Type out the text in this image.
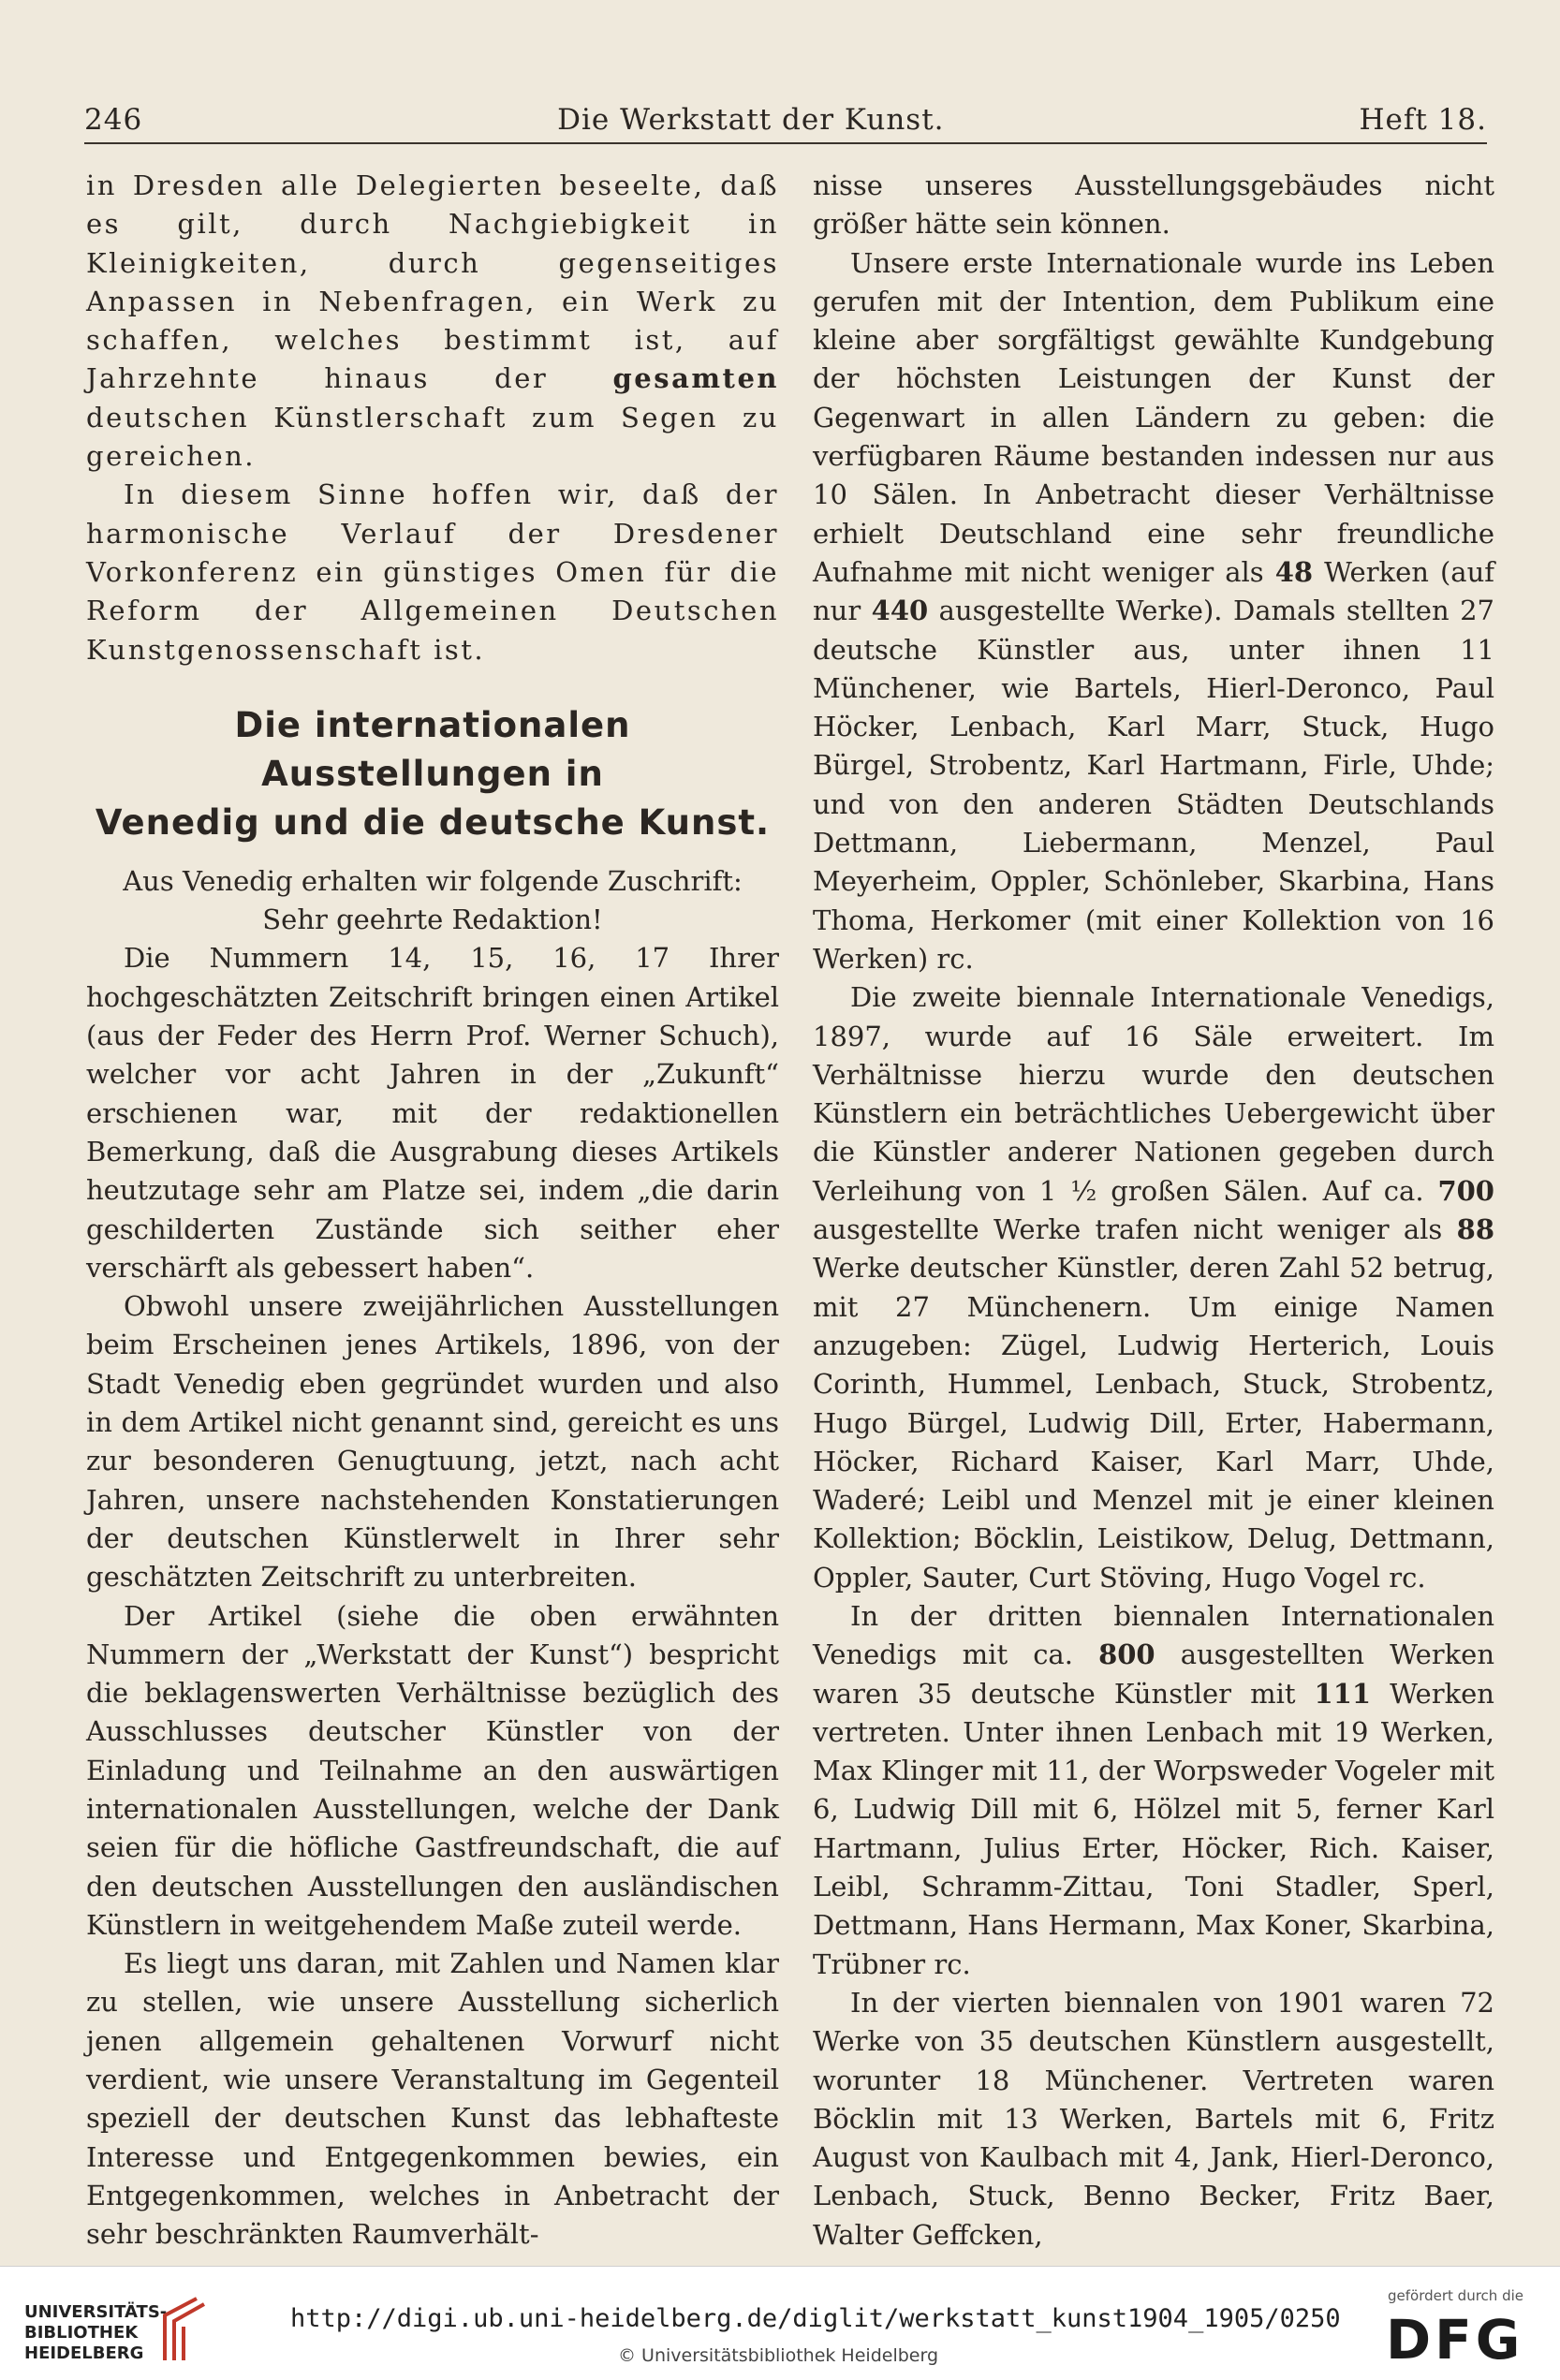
246	Die Werkstatt der Kunst.	Heft 18.

in Dresden alle Delegierten beseelte, daß es gilt, durch Nachgiebigkeit in Kleinigkeiten, durch gegenseitiges Anpassen in Nebenfragen, ein Werk zu schaffen, welches bestimmt ist, auf Jahrzehnte hinaus der gesamten deutschen Künstlerschaft zum Segen zu gereichen.

In diesem Sinne hoffen wir, daß der harmonische Verlauf der Dresdener Vorkonferenz ein günstiges Omen für die Reform der Allgemeinen Deutschen Kunstgenossenschaft ist.

Die internationalen Ausstellungen in
Venedig und die deutsche Kunst.

Aus Venedig erhalten wir folgende Zuschrift:

Sehr geehrte Redaktion!

Die Nummern 14, 15, 16, 17 Ihrer hochgeschätzten Zeitschrift bringen einen Artikel (aus der Feder des Herrn Prof. Werner Schuch), welcher vor acht Jahren in der „Zukunft“ erschienen war, mit der redaktionellen Bemerkung, daß die Ausgrabung dieses Artikels heutzutage sehr am Platze sei, indem „die darin geschilderten Zustände sich seither eher verschärft als gebessert haben“.

Obwohl unsere zweijährlichen Ausstellungen beim Erscheinen jenes Artikels, 1896, von der Stadt Venedig eben gegründet wurden und also in dem Artikel nicht genannt sind, gereicht es uns zur besonderen Genugtuung, jetzt, nach acht Jahren, unsere nachstehenden Konstatierungen der deutschen Künstlerwelt in Ihrer sehr geschätzten Zeitschrift zu unterbreiten.

Der Artikel (siehe die oben erwähnten Nummern der „Werkstatt der Kunst“) bespricht die beklagenswerten Verhältnisse bezüglich des Ausschlusses deutscher Künstler von der Einladung und Teilnahme an den auswärtigen internationalen Ausstellungen, welche der Dank seien für die höfliche Gastfreundschaft, die auf den deutschen Ausstellungen den ausländischen Künstlern in weitgehendem Maße zuteil werde.

Es liegt uns daran, mit Zahlen und Namen klar zu stellen, wie unsere Ausstellung sicherlich jenen allgemein gehaltenen Vorwurf nicht verdient, wie unsere Veranstaltung im Gegenteil speziell der deutschen Kunst das lebhafteste Interesse und Entgegenkommen bewies, ein Entgegenkommen, welches in Anbetracht der sehr beschränkten Raumverhält-

nisse unseres Ausstellungsgebäudes nicht größer hätte sein können.

Unsere erste Internationale wurde ins Leben gerufen mit der Intention, dem Publikum eine kleine aber sorgfältigst gewählte Kundgebung der höchsten Leistungen der Kunst der Gegenwart in allen Ländern zu geben: die verfügbaren Räume bestanden indessen nur aus 10 Sälen. In Anbetracht dieser Verhältnisse erhielt Deutschland eine sehr freundliche Aufnahme mit nicht weniger als 48 Werken (auf nur 440 ausgestellte Werke). Damals stellten 27 deutsche Künstler aus, unter ihnen 11 Münchener, wie Bartels, Hierl-Deronco, Paul Höcker, Lenbach, Karl Marr, Stuck, Hugo Bürgel, Strobentz, Karl Hartmann, Firle, Uhde; und von den anderen Städten Deutschlands Dettmann, Liebermann, Menzel, Paul Meyerheim, Oppler, Schönleber, Skarbina, Hans Thoma, Herkomer (mit einer Kollektion von 16 Werken) rc.

Die zweite biennale Internationale Venedigs, 1897, wurde auf 16 Säle erweitert. Im Verhältnisse hierzu wurde den deutschen Künstlern ein beträchtliches Uebergewicht über die Künstler anderer Nationen gegeben durch Verleihung von 1 ½ großen Sälen. Auf ca. 700 ausgestellte Werke trafen nicht weniger als 88 Werke deutscher Künstler, deren Zahl 52 betrug, mit 27 Münchenern. Um einige Namen anzugeben: Zügel, Ludwig Herterich, Louis Corinth, Hummel, Lenbach, Stuck, Strobentz, Hugo Bürgel, Ludwig Dill, Erter, Habermann, Höcker, Richard Kaiser, Karl Marr, Uhde, Waderé; Leibl und Menzel mit je einer kleinen Kollektion; Böcklin, Leistikow, Delug, Dettmann, Oppler, Sauter, Curt Stöving, Hugo Vogel rc.

In der dritten biennalen Internationalen Venedigs mit ca. 800 ausgestellten Werken waren 35 deutsche Künstler mit 111 Werken vertreten. Unter ihnen Lenbach mit 19 Werken, Max Klinger mit 11, der Worpsweder Vogeler mit 6, Ludwig Dill mit 6, Hölzel mit 5, ferner Karl Hartmann, Julius Erter, Höcker, Rich. Kaiser, Leibl, Schramm-Zittau, Toni Stadler, Sperl, Dettmann, Hans Hermann, Max Koner, Skarbina, Trübner rc.

In der vierten biennalen von 1901 waren 72 Werke von 35 deutschen Künstlern ausgestellt, worunter 18 Münchener. Vertreten waren Böcklin mit 13 Werken, Bartels mit 6, Fritz August von Kaulbach mit 4, Jank, Hierl-Deronco, Lenbach, Stuck, Benno Becker, Fritz Baer, Walter Geffcken,

UNIVERSITÄTS-
BIBLIOTHEK
HEIDELBERG
http://digi.ub.uni-heidelberg.de/diglit/werkstatt_kunst1904_1905/0250
© Universitätsbibliothek Heidelberg
gefördert durch die
DFG
